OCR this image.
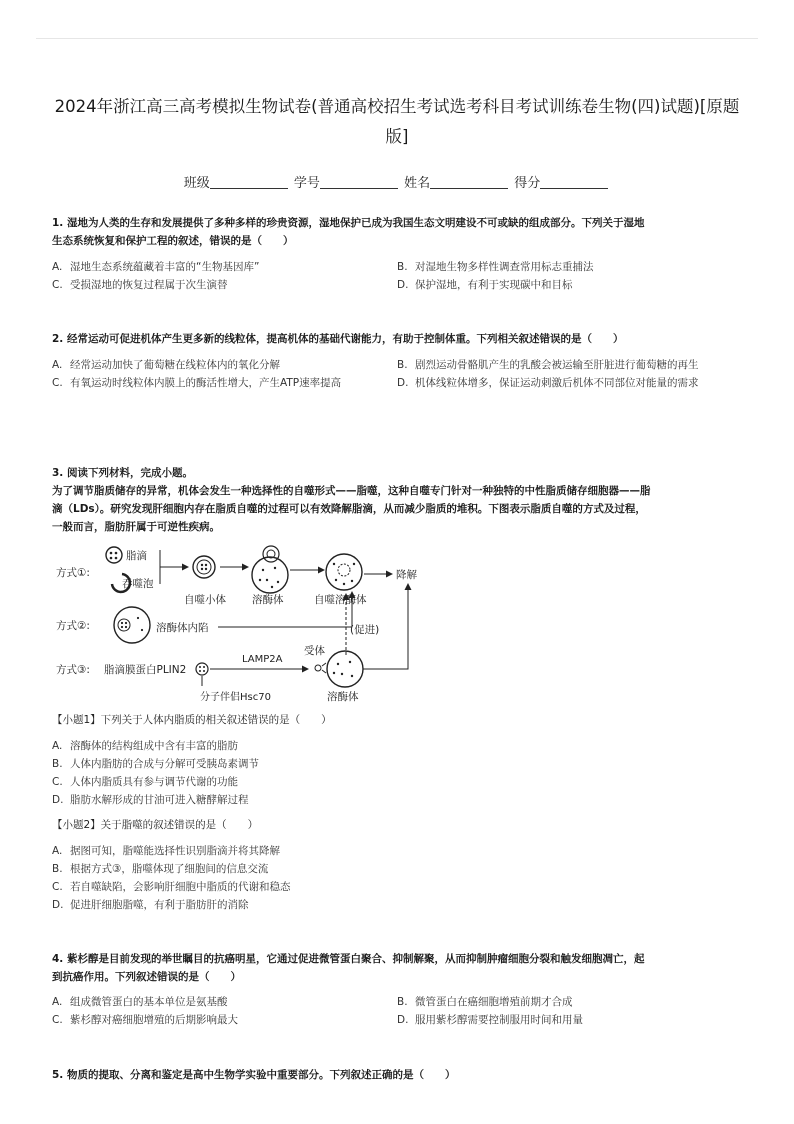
2024年浙江高三高考模拟生物试卷(普通高校招生考试选考科目考试训练卷生物(四)试题)[原题
版]
班级	学号	姓名	得分
1. 湿地为人类的生存和发展提供了多种多样的珍贵资源，湿地保护已成为我国生态文明建设不可或缺的组成部分。下列关于湿地
生态系统恢复和保护工程的叙述，错误的是（　　）
A. 湿地生态系统蕴藏着丰富的“生物基因库”	B. 对湿地生物多样性调查常用标志重捕法
C. 受损湿地的恢复过程属于次生演替	D. 保护湿地，有利于实现碳中和目标
2. 经常运动可促进机体产生更多新的线粒体，提高机体的基础代谢能力，有助于控制体重。下列相关叙述错误的是（　　）
A. 经常运动加快了葡萄糖在线粒体内的氧化分解	B. 剧烈运动骨骼肌产生的乳酸会被运输至肝脏进行葡萄糖的再生
C. 有氧运动时线粒体内膜上的酶活性增大，产生ATP速率提高	D. 机体线粒体增多，保证运动刺激后机体不同部位对能量的需求
3. 阅读下列材料，完成小题。
为了调节脂质储存的异常，机体会发生一种选择性的自噬形式——脂噬，这种自噬专门针对一种独特的中性脂质储存细胞器——脂
滴（LDs）。研究发现肝细胞内存在脂质自噬的过程可以有效降解脂滴，从而减少脂质的堆积。下图表示脂质自噬的方式及过程，
一般而言，脂肪肝属于可逆性疾病。
方式①:
脂滴
吞噬泡
自噬小体 溶酶体	自噬溶酶体
降解
方式②:	溶酶体内陷	(促进)
方式③: 脂滴膜蛋白PLIN2
LAMP2A
分子伴侣Hsc70
受体
溶酶体
【小题1】下列关于人体内脂质的相关叙述错误的是（　　）
A. 溶酶体的结构组成中含有丰富的脂肪
B. 人体内脂肪的合成与分解可受胰岛素调节
C. 人体内脂质具有参与调节代谢的功能
D. 脂肪水解形成的甘油可进入糖酵解过程
【小题2】关于脂噬的叙述错误的是（　　）
A. 据图可知，脂噬能选择性识别脂滴并将其降解
B. 根据方式③，脂噬体现了细胞间的信息交流
C. 若自噬缺陷，会影响肝细胞中脂质的代谢和稳态
D. 促进肝细胞脂噬，有利于脂肪肝的消除
4. 紫杉醇是目前发现的举世瞩目的抗癌明星，它通过促进微管蛋白聚合、抑制解聚，从而抑制肿瘤细胞分裂和触发细胞凋亡，起
到抗癌作用。下列叙述错误的是（　　）
A. 组成微管蛋白的基本单位是氨基酸	B. 微管蛋白在癌细胞增殖前期才合成
C. 紫杉醇对癌细胞增殖的后期影响最大	D. 服用紫杉醇需要控制服用时间和用量
5. 物质的提取、分离和鉴定是高中生物学实验中重要部分。下列叙述正确的是（　　）
